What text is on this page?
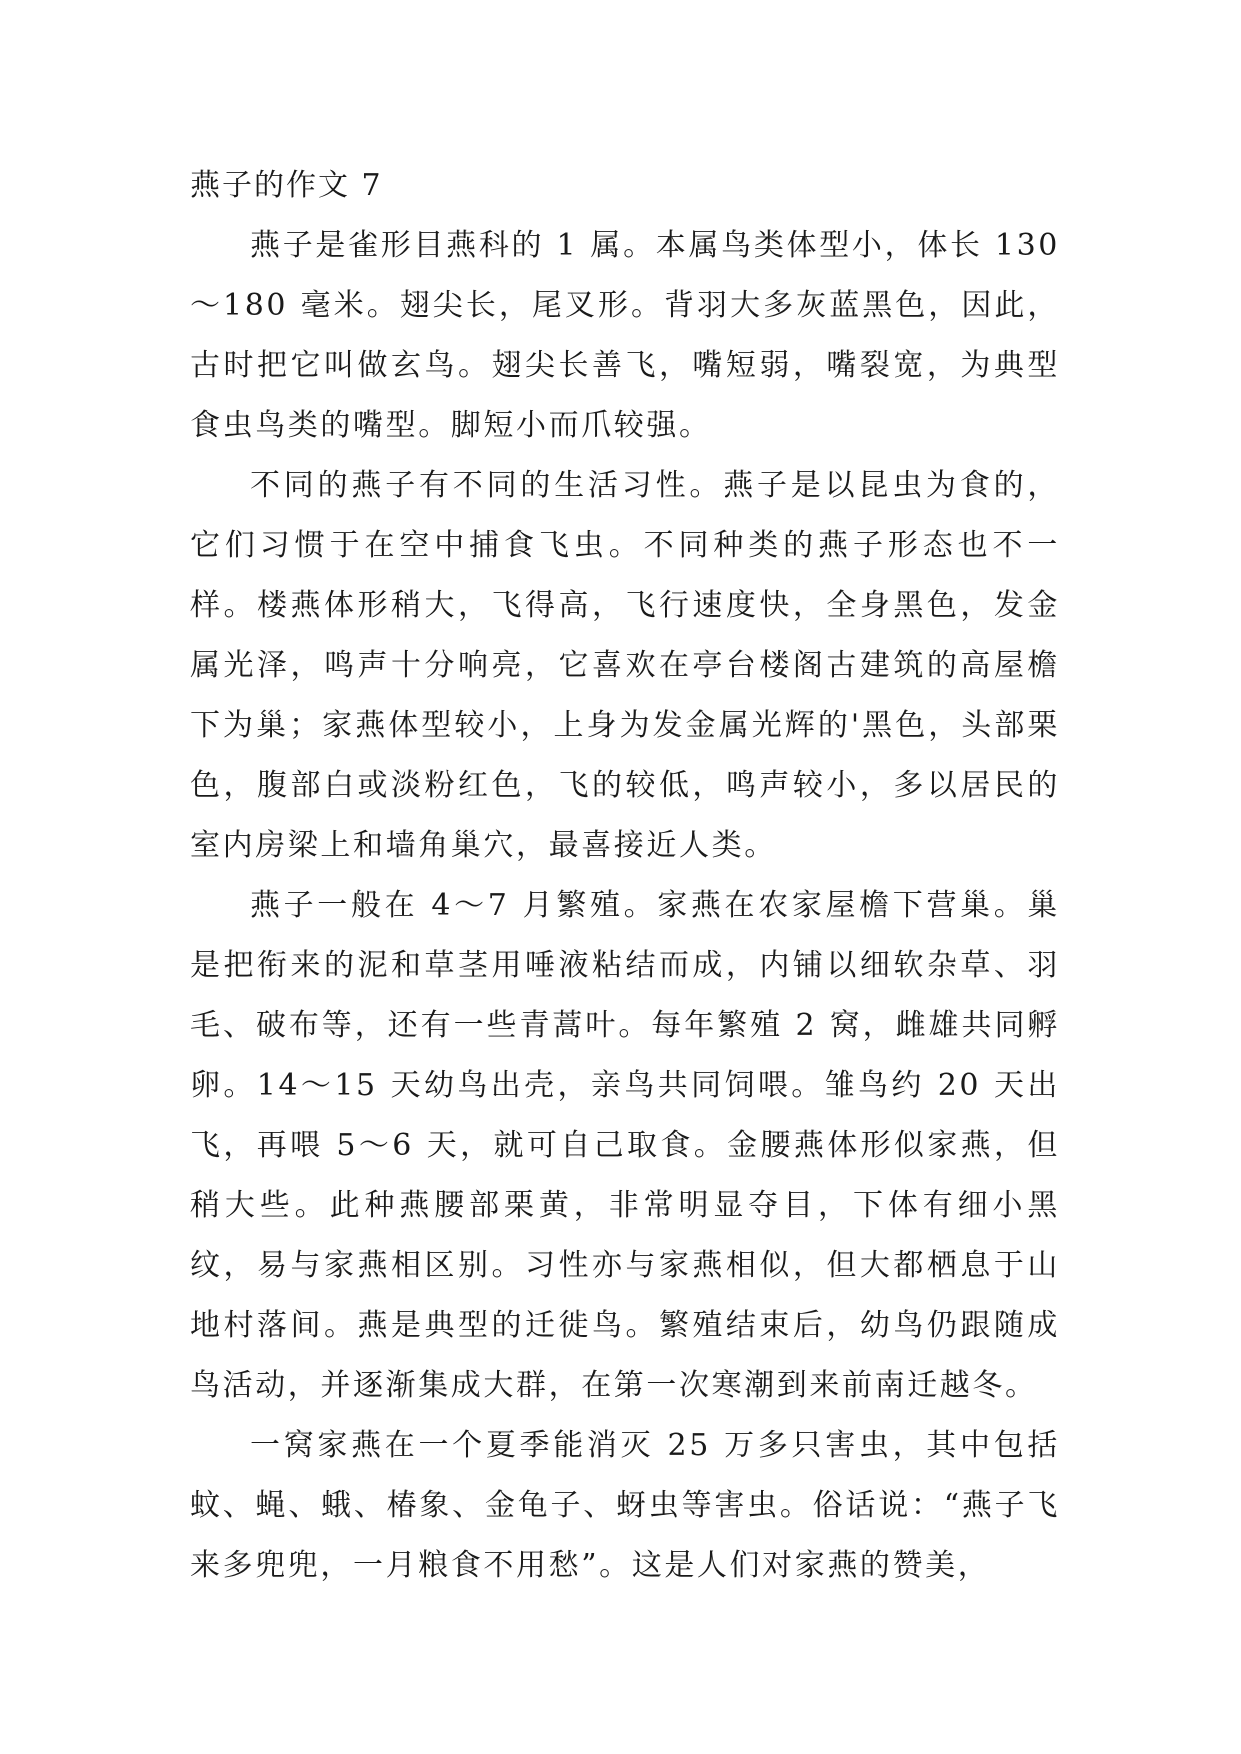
燕子的作文 7

燕子是雀形目燕科的 1 属。本属鸟类体型小，体长 130～180 毫米。翅尖长，尾叉形。背羽大多灰蓝黑色，因此，古时把它叫做玄鸟。翅尖长善飞，嘴短弱，嘴裂宽，为典型食虫鸟类的嘴型。脚短小而爪较强。

不同的燕子有不同的生活习性。燕子是以昆虫为食的，它们习惯于在空中捕食飞虫。不同种类的燕子形态也不一样。楼燕体形稍大，飞得高，飞行速度快，全身黑色，发金属光泽，鸣声十分响亮，它喜欢在亭台楼阁古建筑的高屋檐下为巢；家燕体型较小，上身为发金属光辉的'黑色，头部栗色，腹部白或淡粉红色，飞的较低，鸣声较小，多以居民的室内房梁上和墙角巢穴，最喜接近人类。

燕子一般在 4～7 月繁殖。家燕在农家屋檐下营巢。巢是把衔来的泥和草茎用唾液粘结而成，内铺以细软杂草、羽毛、破布等，还有一些青蒿叶。每年繁殖 2 窝，雌雄共同孵卵。14～15 天幼鸟出壳，亲鸟共同饲喂。雏鸟约 20 天出飞，再喂 5～6 天，就可自己取食。金腰燕体形似家燕，但稍大些。此种燕腰部栗黄，非常明显夺目，下体有细小黑纹，易与家燕相区别。习性亦与家燕相似，但大都栖息于山地村落间。燕是典型的迁徙鸟。繁殖结束后，幼鸟仍跟随成鸟活动，并逐渐集成大群，在第一次寒潮到来前南迁越冬。

一窝家燕在一个夏季能消灭 25 万多只害虫，其中包括蚊、蝇、蛾、椿象、金龟子、蚜虫等害虫。俗话说：“燕子飞来多兜兜，一月粮食不用愁”。这是人们对家燕的赞美，
